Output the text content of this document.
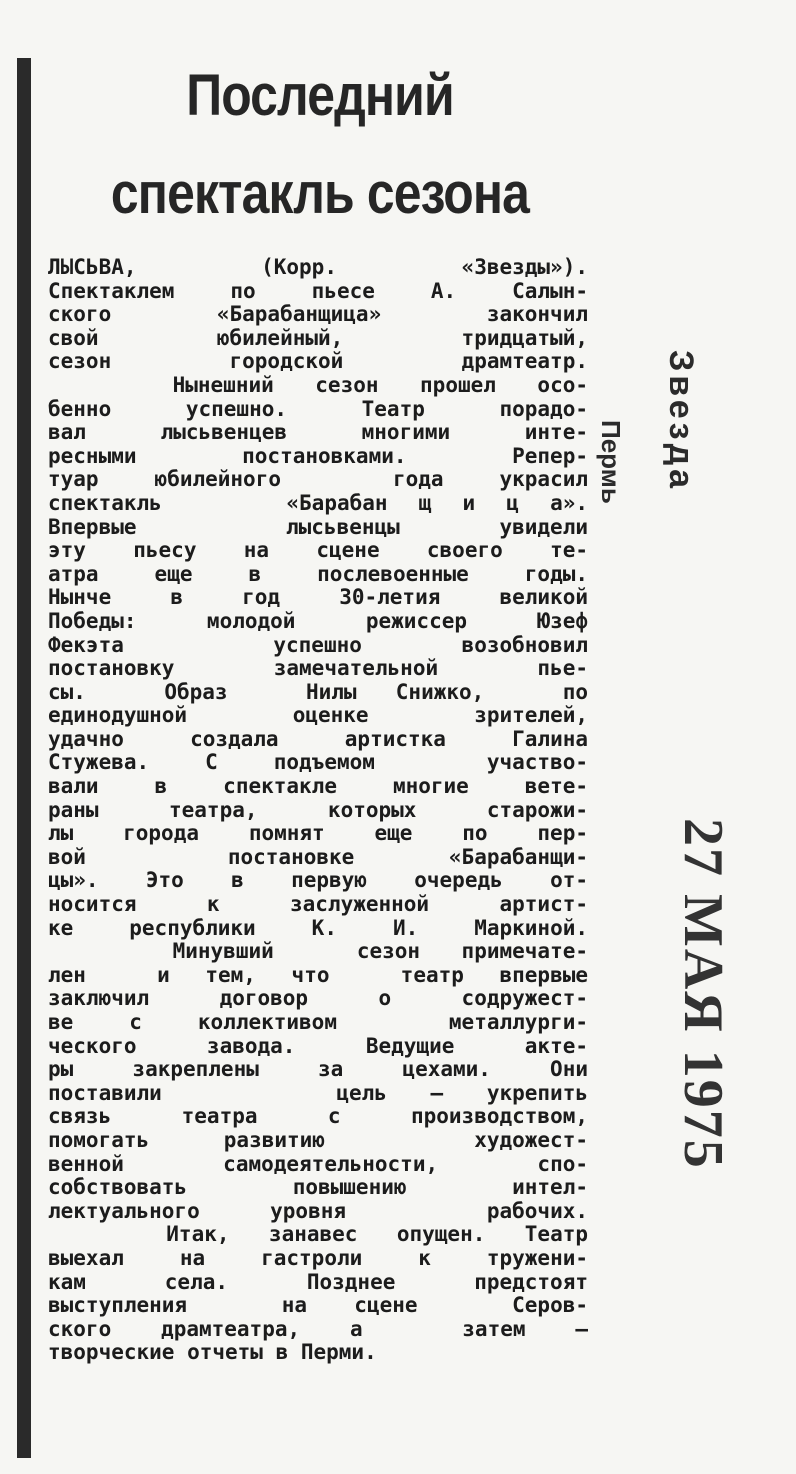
Последний
спектакль сезона
ЛЫСЬВА,  (Корр.  «Звезды»).
Спектаклем по пьесе А. Салын-
ского «Барабанщица» закончил
свой  юбилейный,  тридцатый,
сезон городской драмтеатр.
Нынешний сезон прошел осо-
бенно успешно. Театр порадо-
вал лысьвенцев многими инте-
ресными постановками. Репер-
туар юбилейного  года украсил
спектакль    «Барабан щ и ц а».
Впервые   лысьвенцы  увидели
эту пьесу на сцене своего те-
атра еще в послевоенные годы.
Нынче в год 30-летия великой
Победы: молодой режиссер Юзеф
Фекэта   успешно  возобновил
постановку замечательной пье-
сы.  Образ  Нилы Снижко,  по
единодушной  оценке  зрителей,
удачно создала артистка Галина
Стужева. С подъемом  участво-
вали в спектакле многие вете-
раны театра, которых старожи-
лы города помнят еще по пер-
вой   постановке  «Барабанщи-
цы». Это в первую очередь от-
носится к заслуженной артист-
ке республики К. И. Маркиной.
Минувший  сезон примечате-
лен  и тем, что  театр впервые
заключил договор о содружест-
ве с коллективом  металлурги-
ческого завода. Ведущие акте-
ры закреплены за цехами. Они
поставили    цель — укрепить
связь театра с производством,
помогать развитию  художест-
венной самодеятельности, спо-
собствовать повышению интел-
лектуального уровня  рабочих.
Итак, занавес опущен. Театр
выехал на гастроли к тружени-
кам села. Позднее предстоят
выступления  на сцене  Серов-
ского драмтеатра, а  затем —
творческие отчеты в Перми.
Звезда
Пермь
27 МАЯ 1975
